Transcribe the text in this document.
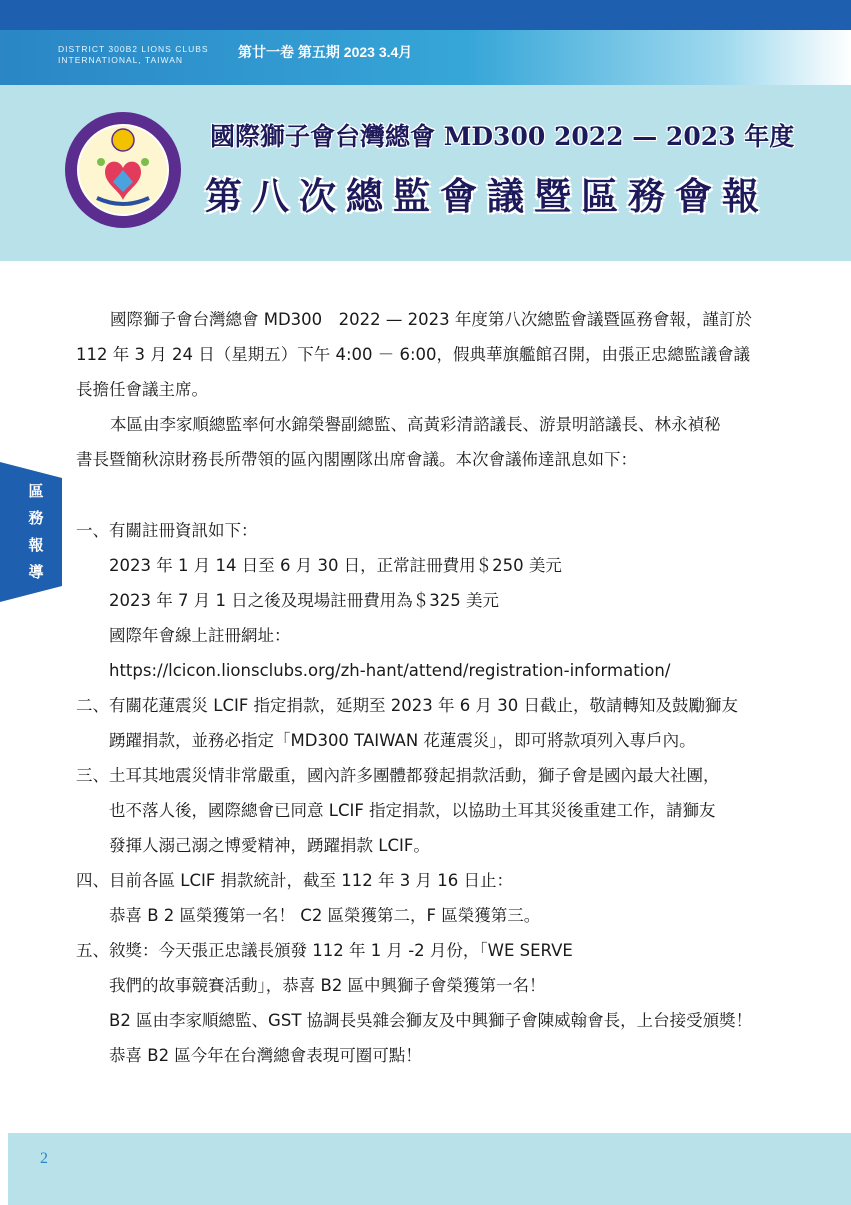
DISTRICT 300B2 LIONS CLUBS
INTERNATIONAL, TAIWAN	第廿一卷 第五期 2023 3.4月
國際獅子會台灣總會 MD300 2022 — 2023 年度
第八次總監會議暨區務會報
區務報導
國際獅子會台灣總會 MD300　2022 — 2023 年度第八次總監會議暨區務會報，謹訂於
112 年 3 月 24 日（星期五）下午 4:00 － 6:00，假典華旗艦館召開，由張正忠總監議會議
長擔任會議主席。
本區由李家順總監率何水錦榮譽副總監、高黃彩清諮議長、游景明諮議長、林永禎秘
書長暨簡秋涼財務長所帶領的區內閣團隊出席會議。本次會議佈達訊息如下：
一、有關註冊資訊如下：
2023 年 1 月 14 日至 6 月 30 日，正常註冊費用＄250 美元
2023 年 7 月 1 日之後及現場註冊費用為＄325 美元
國際年會線上註冊網址：
https://lcicon.lionsclubs.org/zh-hant/attend/registration-information/
二、有關花蓮震災 LCIF 指定捐款，延期至 2023 年 6 月 30 日截止，敬請轉知及鼓勵獅友
踴躍捐款，並務必指定「MD300 TAIWAN 花蓮震災」，即可將款項列入專戶內。
三、土耳其地震災情非常嚴重，國內許多團體都發起捐款活動，獅子會是國內最大社團，
也不落人後，國際總會已同意 LCIF 指定捐款，以協助土耳其災後重建工作，請獅友
發揮人溺己溺之博愛精神，踴躍捐款 LCIF。
四、目前各區 LCIF 捐款統計，截至 112 年 3 月 16 日止：
恭喜 B 2 區榮獲第一名！ C2 區榮獲第二，F 區榮獲第三。
五、敘獎：今天張正忠議長頒發 112 年 1 月 -2 月份，「WE SERVE
我們的故事競賽活動」，恭喜 B2 區中興獅子會榮獲第一名！
B2 區由李家順總監、GST 協調長吳雜会獅友及中興獅子會陳威翰會長，上台接受頒獎！
恭喜 B2 區今年在台灣總會表現可圈可點！
2
